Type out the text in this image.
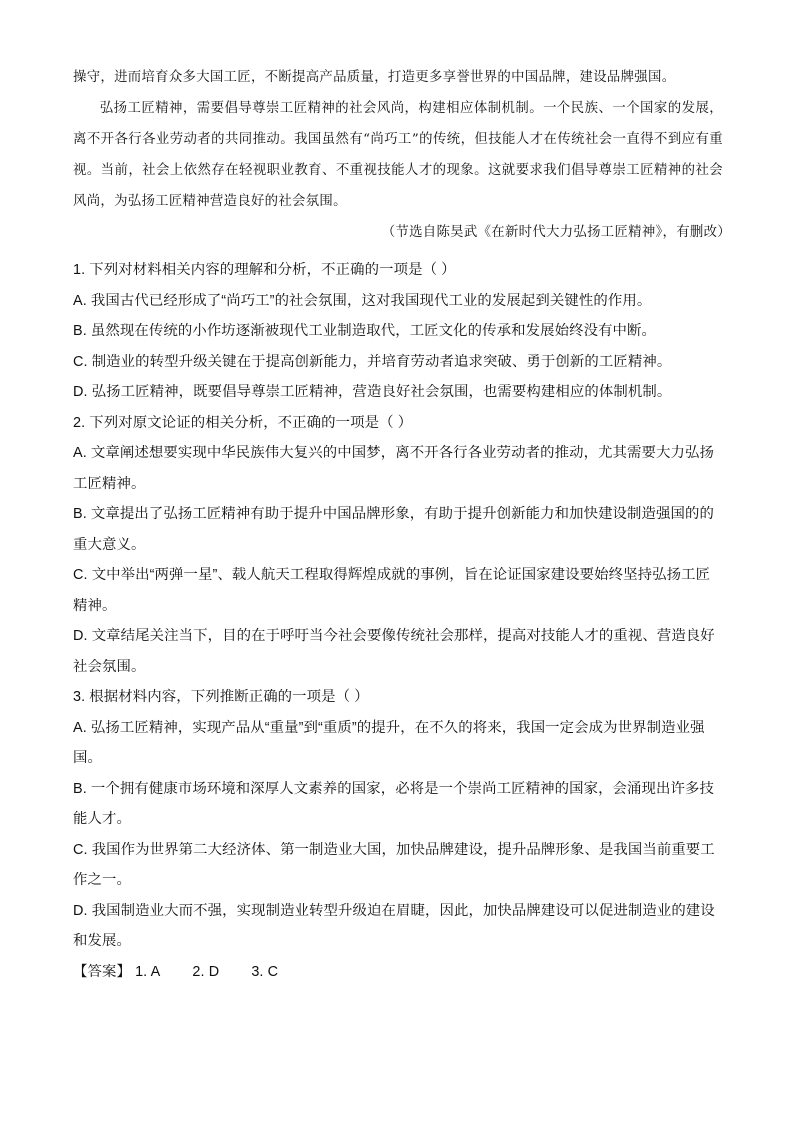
操守，进而培育众多大国工匠，不断提高产品质量，打造更多享誉世界的中国品牌，建设品牌强国。

弘扬工匠精神，需要倡导尊崇工匠精神的社会风尚，构建相应体制机制。一个民族、一个国家的发展，离不开各行各业劳动者的共同推动。我国虽然有“尚巧工”的传统，但技能人才在传统社会一直得不到应有重视。当前，社会上依然存在轻视职业教育、不重视技能人才的现象。这就要求我们倡导尊崇工匠精神的社会风尚，为弘扬工匠精神营造良好的社会氛围。

（节选自陈昊武《在新时代大力弘扬工匠精神》，有删改）

1. 下列对材料相关内容的理解和分析，不正确的一项是（ ）

A. 我国古代已经形成了“尚巧工”的社会氛围，这对我国现代工业的发展起到关键性的作用。

B. 虽然现在传统的小作坊逐渐被现代工业制造取代，工匠文化的传承和发展始终没有中断。

C. 制造业的转型升级关键在于提高创新能力，并培育劳动者追求突破、勇于创新的工匠精神。

D. 弘扬工匠精神，既要倡导尊崇工匠精神，营造良好社会氛围，也需要构建相应的体制机制。

2. 下列对原文论证的相关分析，不正确的一项是（ ）

A. 文章阐述想要实现中华民族伟大复兴的中国梦，离不开各行各业劳动者的推动，尤其需要大力弘扬工匠精神。

B. 文章提出了弘扬工匠精神有助于提升中国品牌形象，有助于提升创新能力和加快建设制造强国的的重大意义。

C. 文中举出“两弹一星”、载人航天工程取得辉煌成就的事例，旨在论证国家建设要始终坚持弘扬工匠精神。

D. 文章结尾关注当下，目的在于呼吁当今社会要像传统社会那样，提高对技能人才的重视、营造良好社会氛围。

3. 根据材料内容，下列推断正确的一项是（ ）

A. 弘扬工匠精神，实现产品从“重量”到“重质”的提升，在不久的将来，我国一定会成为世界制造业强国。

B. 一个拥有健康市场环境和深厚人文素养的国家，必将是一个崇尚工匠精神的国家，会涌现出许多技能人才。

C. 我国作为世界第二大经济体、第一制造业大国，加快品牌建设，提升品牌形象、是我国当前重要工作之一。

D. 我国制造业大而不强，实现制造业转型升级迫在眉睫，因此，加快品牌建设可以促进制造业的建设和发展。

【答案】 1. A 2. D 3. C
